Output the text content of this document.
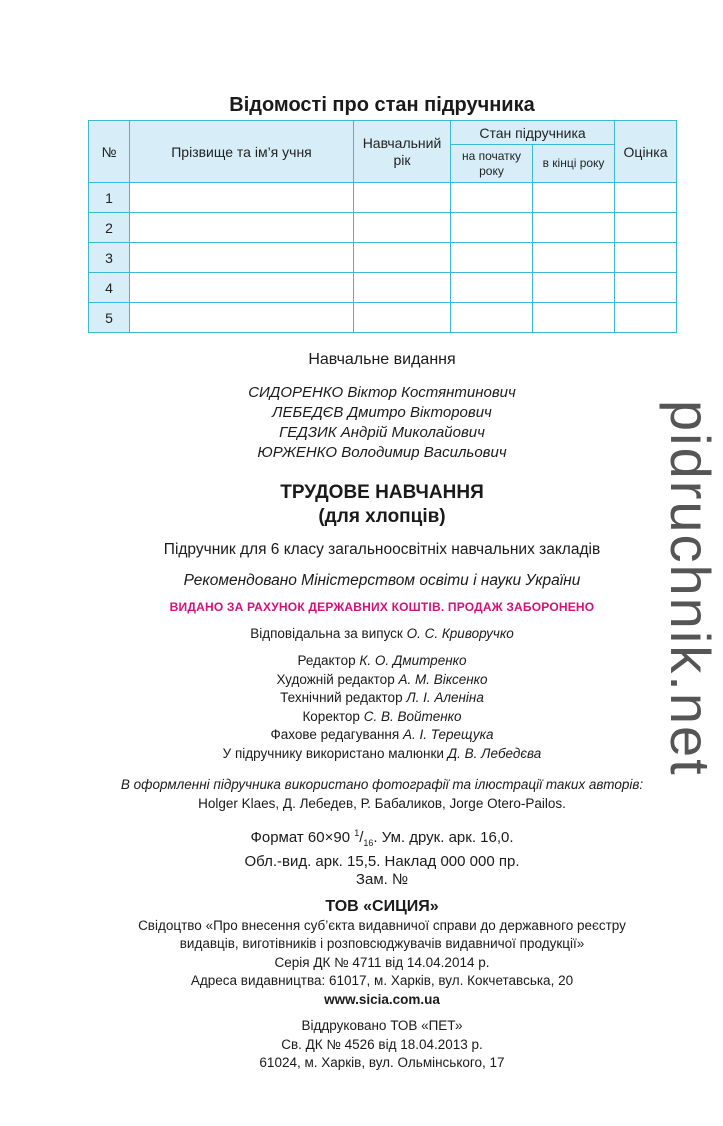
Відомості про стан підручника
№	Прізвище та ім’я учня	Навчальний рік	Стан підручника		Оцінка
			на початку року	в кінці року	
1					
2					
3					
4					
5					
Навчальне видання
СИДОРЕНКО Віктор Костянтинович
ЛЕБЕДЄВ Дмитро Вікторович
ГЕДЗИК Андрій Миколайович
ЮРЖЕНКО Володимир Васильович
ТРУДОВЕ НАВЧАННЯ
(для хлопців)
Підручник для 6 класу загальноосвітніх навчальних закладів
Рекомендовано Міністерством освіти і науки України
ВИДАНО ЗА РАХУНОК ДЕРЖАВНИХ КОШТІВ. ПРОДАЖ ЗАБОРОНЕНО
Відповідальна за випуск О. С. Криворучко
Редактор К. О. Дмитренко
Художній редактор А. М. Віксенко
Технічний редактор Л. І. Аленіна
Коректор С. В. Войтенко
Фахове редагування А. І. Терещука
У підручнику використано малюнки Д. В. Лебедєва
В оформленні підручника використано фотографії та ілюстрації таких авторів:
Holger Klaes, Д. Лебедев, Р. Бабаликов, Jorge Otero-Pailos.
Формат 60×90 $^1/_{16}$. Ум. друк. арк. 16,0.
Обл.-вид. арк. 15,5. Наклад 000 000 пр.
Зам. №
ТОВ «СИЦИЯ»
Свідоцтво «Про внесення суб’єкта видавничої справи до державного реєстру
видавців, виготівників і розповсюджувачів видавничої продукції»
Серія ДК № 4711 від 14.04.2014 р.
Адреса видавництва: 61017, м. Харків, вул. Кокчетавська, 20
www.sicia.com.ua
Віддруковано ТОВ «ПЕТ»
Св. ДК № 4526 від 18.04.2013 р.
61024, м. Харків, вул. Ольмінського, 17
pidruchnik.net
